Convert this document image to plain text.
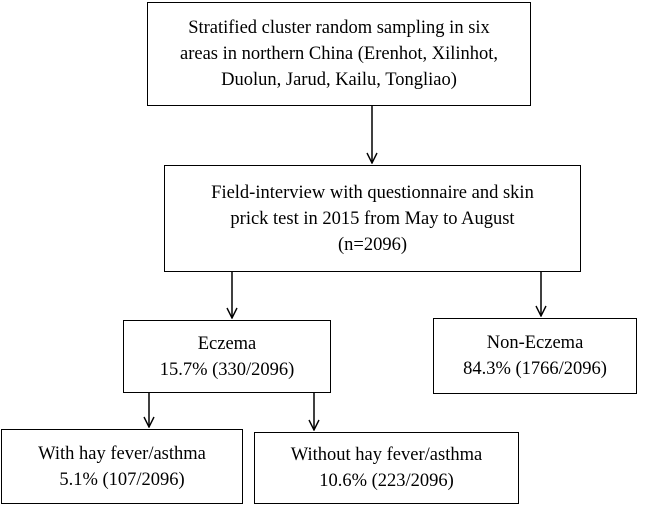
Stratified cluster random sampling in six
areas in northern China (Erenhot, Xilinhot,
Duolun, Jarud, Kailu, Tongliao)
Field-interview with questionnaire and skin
prick test in 2015 from May to August
(n=2096)
Eczema
15.7% (330/2096)
Non-Eczema
84.3% (1766/2096)
With hay fever/asthma
5.1% (107/2096)
Without hay fever/asthma
10.6% (223/2096)
